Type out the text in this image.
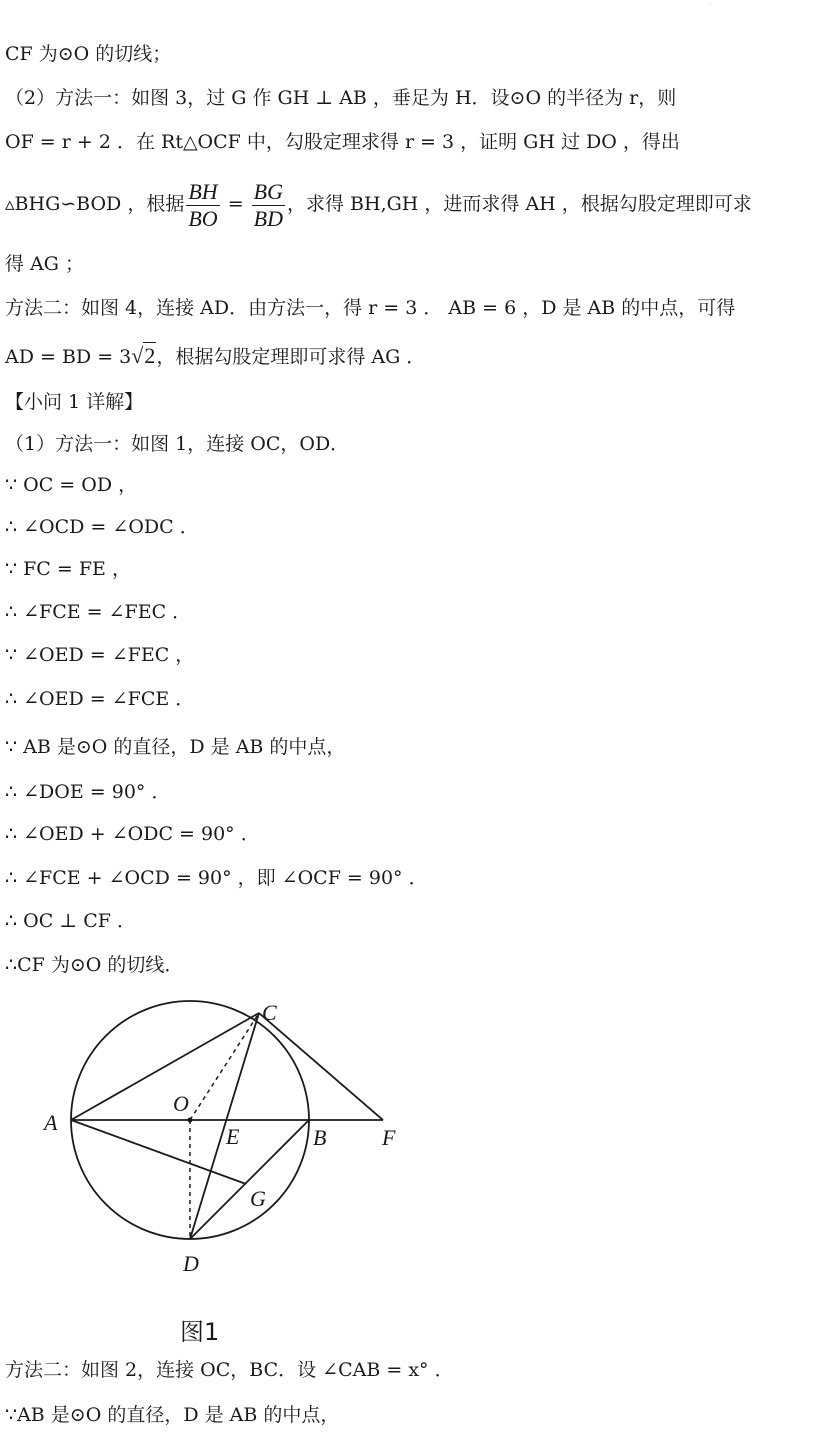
·
CF 为⊙O 的切线；
（2）方法一：如图 3，过 G 作 GH ⊥ AB ，垂足为 H．设⊙O 的半径为 r，则
OF = r + 2 ．在 Rt△OCF 中，勾股定理求得 r = 3 ，证明 GH 过 DO ，得出
▵BHG∽BOD ，根据 $\frac{BH}{BO} = \frac{BG}{BD}$ ，求得 BH,GH ，进而求得 AH ，根据勾股定理即可求
得 AG ；
方法二：如图 4，连接 AD．由方法一，得 r = 3 ． AB = 6 ，D 是 AB 的中点，可得
AD = BD = 3√2，根据勾股定理即可求得 AG ．
【小问 1 详解】
（1）方法一：如图 1，连接 OC，OD．
∵ OC = OD ，
∴ ∠OCD = ∠ODC ．
∵ FC = FE ，
∴ ∠FCE = ∠FEC ．
∵ ∠OED = ∠FEC ，
∴ ∠OED = ∠FCE ．
∵ AB 是⊙O 的直径，D 是 AB 的中点，
∴ ∠DOE = 90° ．
∴ ∠OED + ∠ODC = 90° ．
∴ ∠FCE + ∠OCD = 90° ，即 ∠OCF = 90° ．
∴ OC ⊥ CF ．
∴CF 为⊙O 的切线．
A
O
E	B	F
C
G
D
图1
方法二：如图 2，连接 OC，BC．设 ∠CAB = x° ．
∵AB 是⊙O 的直径，D 是 AB 的中点，
